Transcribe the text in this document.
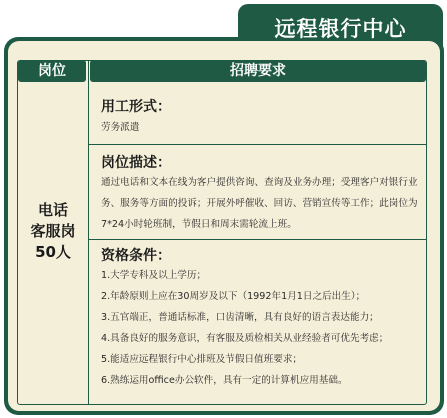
远程银行中心
岗位	招聘要求
电话
客服岗
50人
用工形式：
劳务派遣
岗位描述：
通过电话和文本在线为客户提供咨询、查询及业务办理；受理客户对银行业务、服务等方面的投诉；开展外呼催收、回访、营销宣传等工作；此岗位为7*24小时轮班制，节假日和周末需轮流上班。
资格条件：
1.大学专科及以上学历；
2.年龄原则上应在30周岁及以下（1992年1月1日之后出生）；
3.五官端正，普通话标准，口齿清晰，具有良好的语言表达能力；
4.具备良好的服务意识，有客服及质检相关从业经验者可优先考虑；
5.能适应远程银行中心排班及节假日值班要求；
6.熟练运用office办公软件，具有一定的计算机应用基础。
